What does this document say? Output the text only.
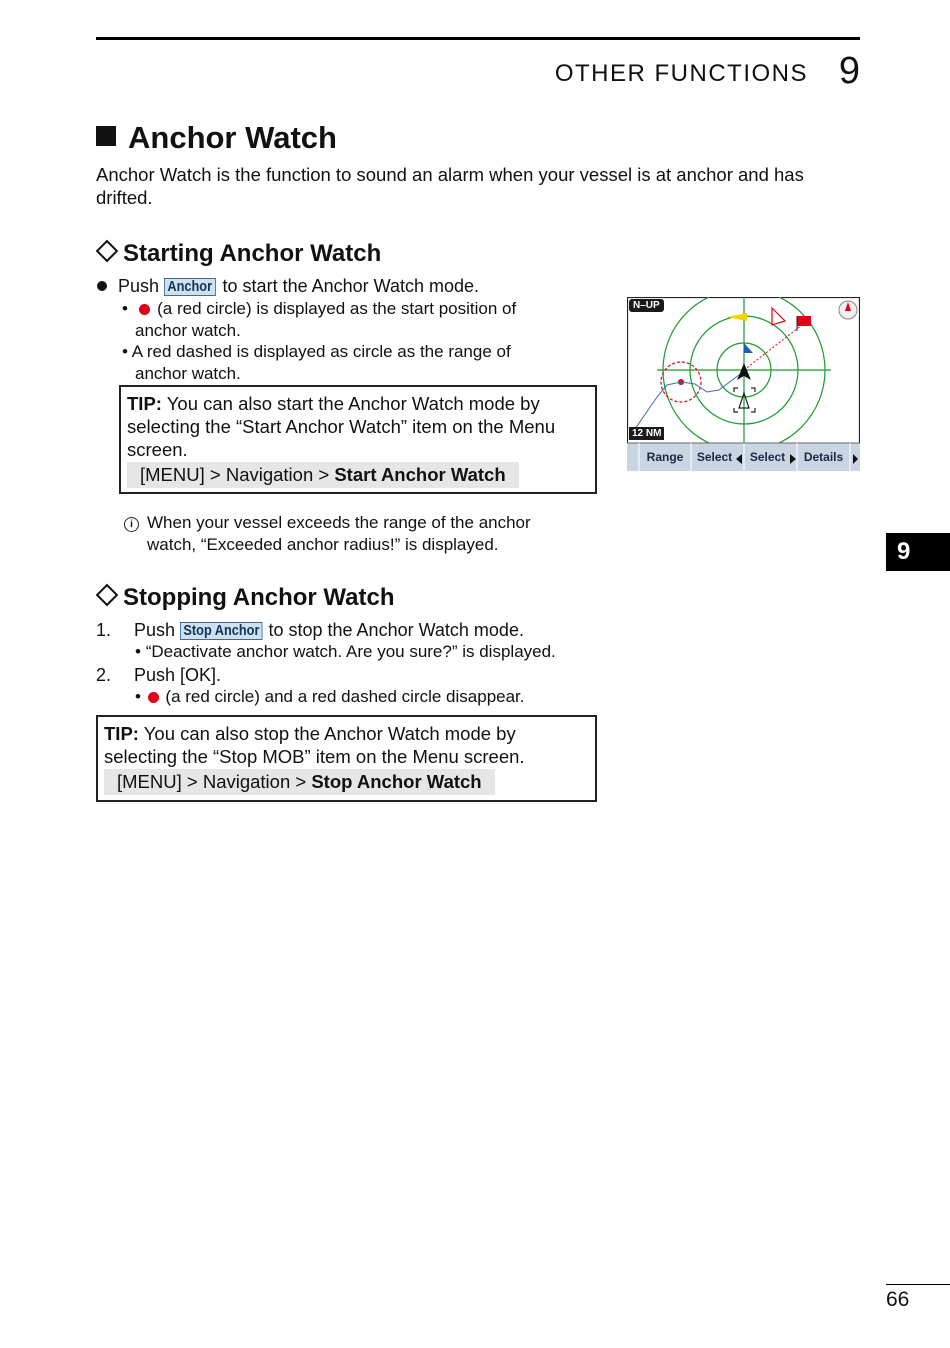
OTHER FUNCTIONS 9
Anchor Watch
Anchor Watch is the function to sound an alarm when your vessel is at anchor and has drifted.
Starting Anchor Watch
Push Anchor to start the Anchor Watch mode.
•   (a red circle) is displayed as the start position of
anchor watch.
• A red dashed is displayed as circle as the range of
anchor watch.
TIP: You can also start the Anchor Watch mode by
selecting the “Start Anchor Watch” item on the Menu
screen.
[MENU] > Navigation > Start Anchor Watch
i When your vessel exceeds the range of the anchor
watch, “Exceeded anchor radius!” is displayed.
N–UP
12 NM
Range	Select	Select	Details
Stopping Anchor Watch
1. Push Stop Anchor to stop the Anchor Watch mode.
• “Deactivate anchor watch. Are you sure?” is displayed.
2. Push [OK].
•  (a red circle) and a red dashed circle disappear.
TIP: You can also stop the Anchor Watch mode by
selecting the “Stop MOB” item on the Menu screen.
[MENU] > Navigation > Stop Anchor Watch
9
66
